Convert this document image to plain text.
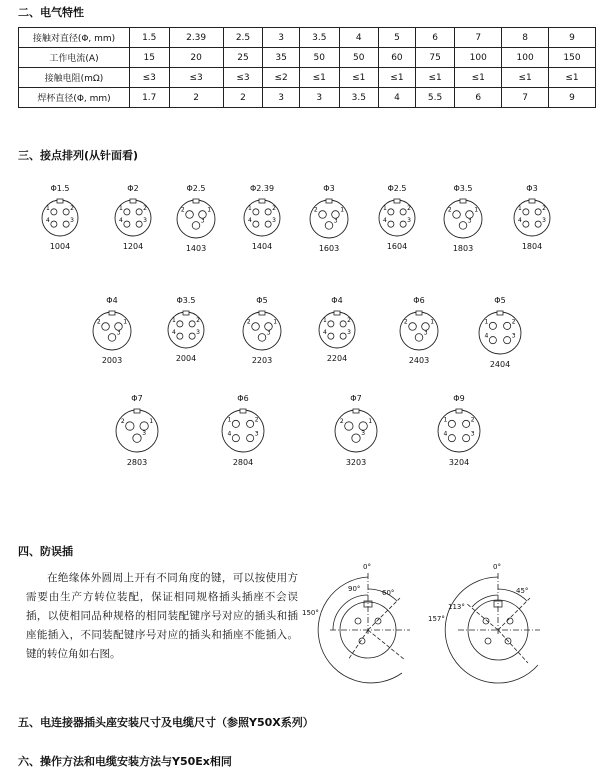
二、电气特性
接触对直径(Φ, mm)	1.5	2.39	2.5	3	3.5	4	5	6	7	8	9
工作电流(A)	15	20	25	35	50	50	60	75	100	100	150
接触电阻(mΩ)	≤3	≤3	≤3	≤2	≤1	≤1	≤1	≤1	≤1	≤1	≤1
焊杯直径(Φ, mm)	1.7	2	2	3	3	3.5	4	5.5	6	7	9
三、接点排列(从针面看)
Φ1.5
1	2
4	3
1004
Φ2
1	2
4	3
1204
Φ2.5
2	1
3
1403
Φ2.39
1	2
4	3
1404
Φ3
2	1
3
1603
Φ2.5
1	2
4	3
1604
Φ3.5
2	1
3
1803
Φ3
1	2
4	3
1804
Φ4
2	1
3
2003
Φ3.5
1	2
4	3
2004
Φ5
2	1
3
2203
Φ4
1	2
4	3
2204
Φ6
2	1
3
2403
Φ5
1	2
4	3
2404
Φ7
2	1
3
2803
Φ6
1	2
4	3
2804
Φ7
2	1
3
3203
Φ9
1	2
4	3
3204
四、防误插

在绝缘体外圆周上开有不同角度的键，可以按使用方需要由生产方转位装配，保证相同规格插头插座不会误插，以使相同品种规格的相同装配键序号对应的插头和插座能插入，不同装配键序号对应的插头和插座不能插入。键的转位角如右图。

0°
90°	60°
150°
0°
45°
113°
157°
五、电连接器插头座安装尺寸及电缆尺寸（参照Y50X系列）
六、操作方法和电缆安装方法与Y50Ex相同
